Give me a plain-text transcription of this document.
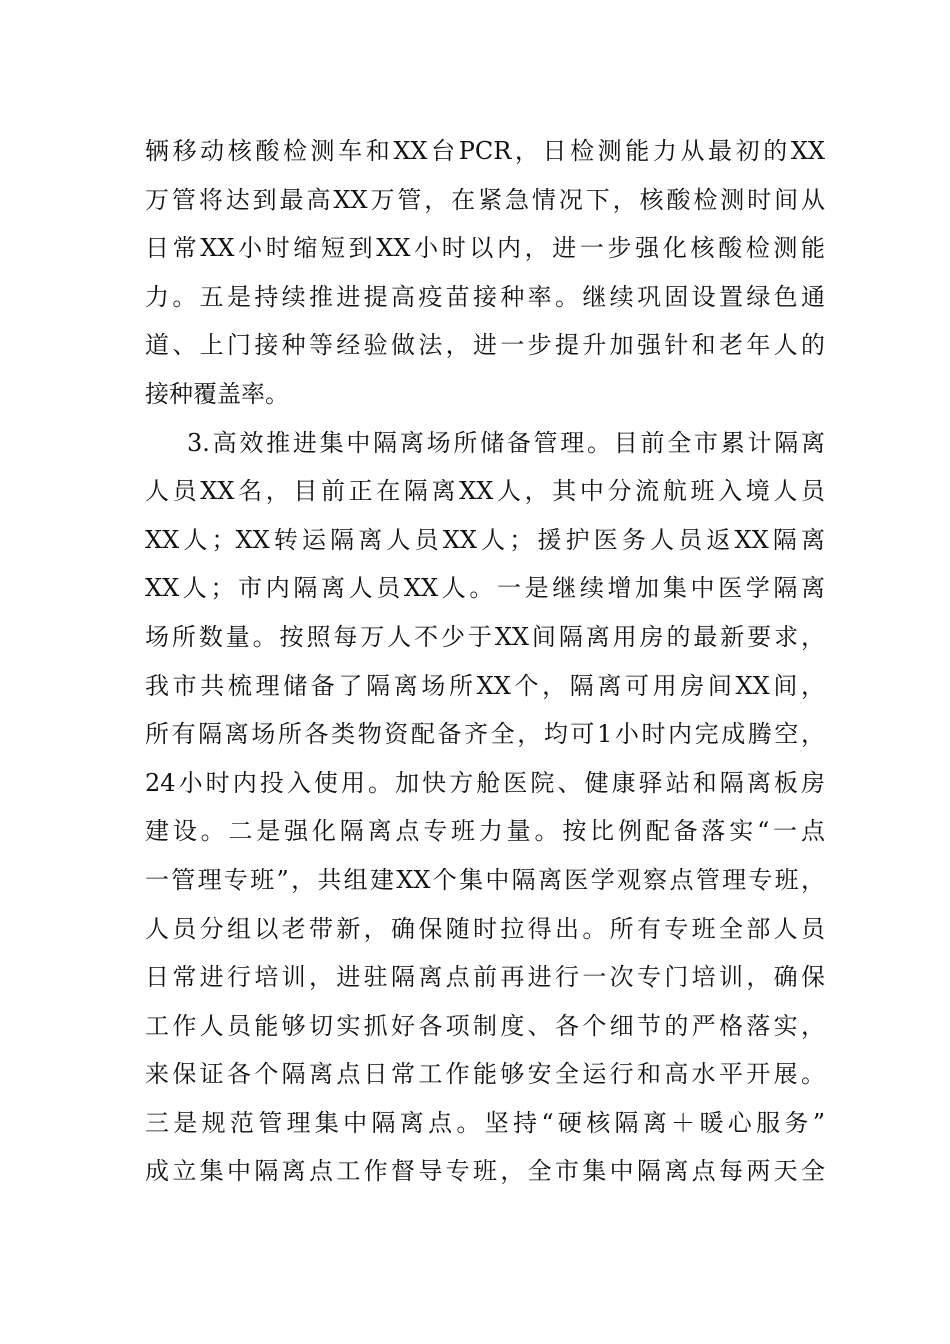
辆移动核酸检测车和XX台PCR，日检测能力从最初的XX
万管将达到最高XX万管，在紧急情况下，核酸检测时间从
日常XX小时缩短到XX小时以内，进一步强化核酸检测能
力。五是持续推进提高疫苗接种率。继续巩固设置绿色通
道、上门接种等经验做法，进一步提升加强针和老年人的
接种覆盖率。
3.高效推进集中隔离场所储备管理。目前全市累计隔离
人员XX名，目前正在隔离XX人，其中分流航班入境人员
XX人；XX转运隔离人员XX人；援护医务人员返XX隔离
XX人；市内隔离人员XX人。一是继续增加集中医学隔离
场所数量。按照每万人不少于XX间隔离用房的最新要求，
我市共梳理储备了隔离场所XX个，隔离可用房间XX间，
所有隔离场所各类物资配备齐全，均可1小时内完成腾空，
24小时内投入使用。加快方舱医院、健康驿站和隔离板房
建设。二是强化隔离点专班力量。按比例配备落实“一点
一管理专班”，共组建XX个集中隔离医学观察点管理专班，
人员分组以老带新，确保随时拉得出。所有专班全部人员
日常进行培训，进驻隔离点前再进行一次专门培训，确保
工作人员能够切实抓好各项制度、各个细节的严格落实，
来保证各个隔离点日常工作能够安全运行和高水平开展。
三是规范管理集中隔离点。坚持“硬核隔离＋暖心服务”
成立集中隔离点工作督导专班，全市集中隔离点每两天全
